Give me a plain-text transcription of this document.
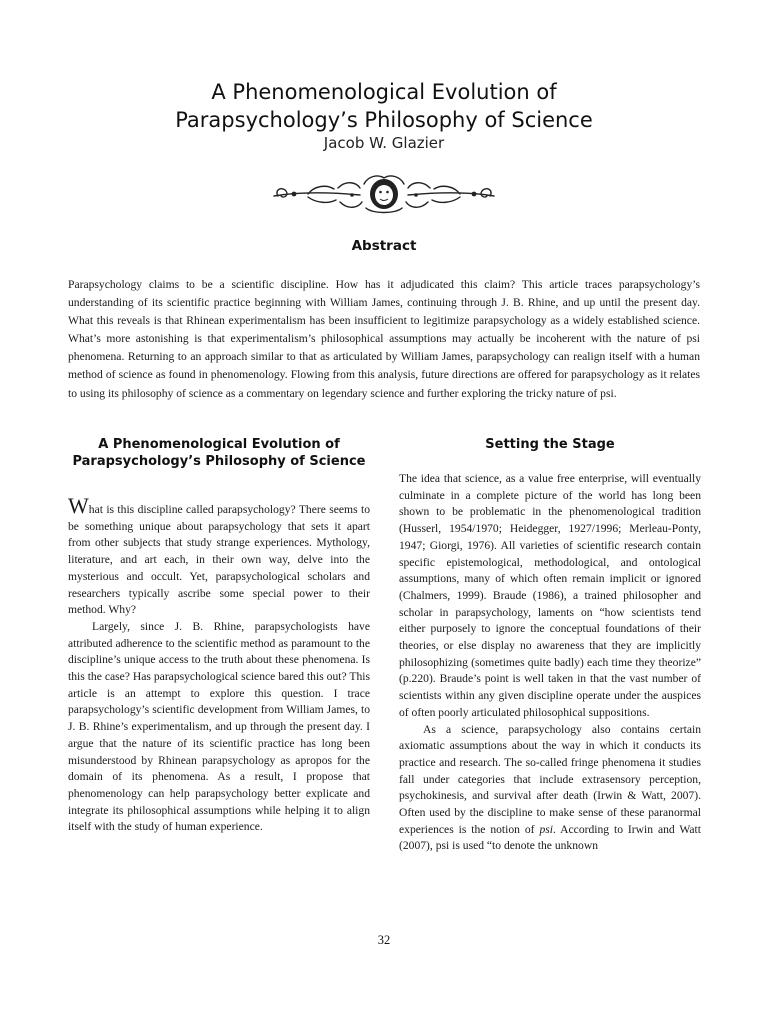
A Phenomenological Evolution of
Parapsychology’s Philosophy of Science
Jacob W. Glazier
Abstract

Parapsychology claims to be a scientific discipline. How has it adjudicated this claim? This article traces parapsychology’s understanding of its scientific practice beginning with William James, continuing through J. B. Rhine, and up until the present day. What this reveals is that Rhinean experimentalism has been insufficient to legitimize parapsychology as a widely established science. What’s more astonishing is that experimentalism’s philosophical assumptions may actually be incoherent with the nature of psi phenomena. Returning to an approach similar to that as articulated by William James, parapsychology can realign itself with a human method of science as found in phenomenology. Flowing from this analysis, future directions are offered for parapsychology as it relates to using its philosophy of science as a commentary on legendary science and further exploring the tricky nature of psi.

A Phenomenological Evolution of
Parapsychology’s Philosophy of Science

What is this discipline called parapsychology? There seems to be something unique about parapsychology that sets it apart from other subjects that study strange experiences. Mythology, literature, and art each, in their own way, delve into the mysterious and occult. Yet, parapsychological scholars and researchers typically ascribe some special power to their method. Why?

Largely, since J. B. Rhine, parapsychologists have attributed adherence to the scientific method as paramount to the discipline’s unique access to the truth about these phenomena. Is this the case? Has parapsychological science bared this out? This article is an attempt to explore this question. I trace parapsychology’s scientific development from William James, to J. B. Rhine’s experimentalism, and up through the present day. I argue that the nature of its scientific practice has long been misunderstood by Rhinean parapsychology as apropos for the domain of its phenomena. As a result, I propose that phenomenology can help parapsychology better explicate and integrate its philosophical assumptions while helping it to align itself with the study of human experience.

Setting the Stage

The idea that science, as a value free enterprise, will eventually culminate in a complete picture of the world has long been shown to be problematic in the phenomenological tradition (Husserl, 1954/1970; Heidegger, 1927/1996; Merleau-Ponty, 1947; Giorgi, 1976). All varieties of scientific research contain specific epistemological, methodological, and ontological assumptions, many of which often remain implicit or ignored (Chalmers, 1999). Braude (1986), a trained philosopher and scholar in parapsychology, laments on “how scientists tend either purposely to ignore the conceptual foundations of their theories, or else display no awareness that they are implicitly philosophizing (sometimes quite badly) each time they theorize” (p.220). Braude’s point is well taken in that the vast number of scientists within any given discipline operate under the auspices of often poorly articulated philosophical suppositions.

As a science, parapsychology also contains certain axiomatic assumptions about the way in which it conducts its practice and research. The so-called fringe phenomena it studies fall under categories that include extrasensory perception, psychokinesis, and survival after death (Irwin & Watt, 2007). Often used by the discipline to make sense of these paranormal experiences is the notion of psi. According to Irwin and Watt (2007), psi is used “to denote the unknown

32
